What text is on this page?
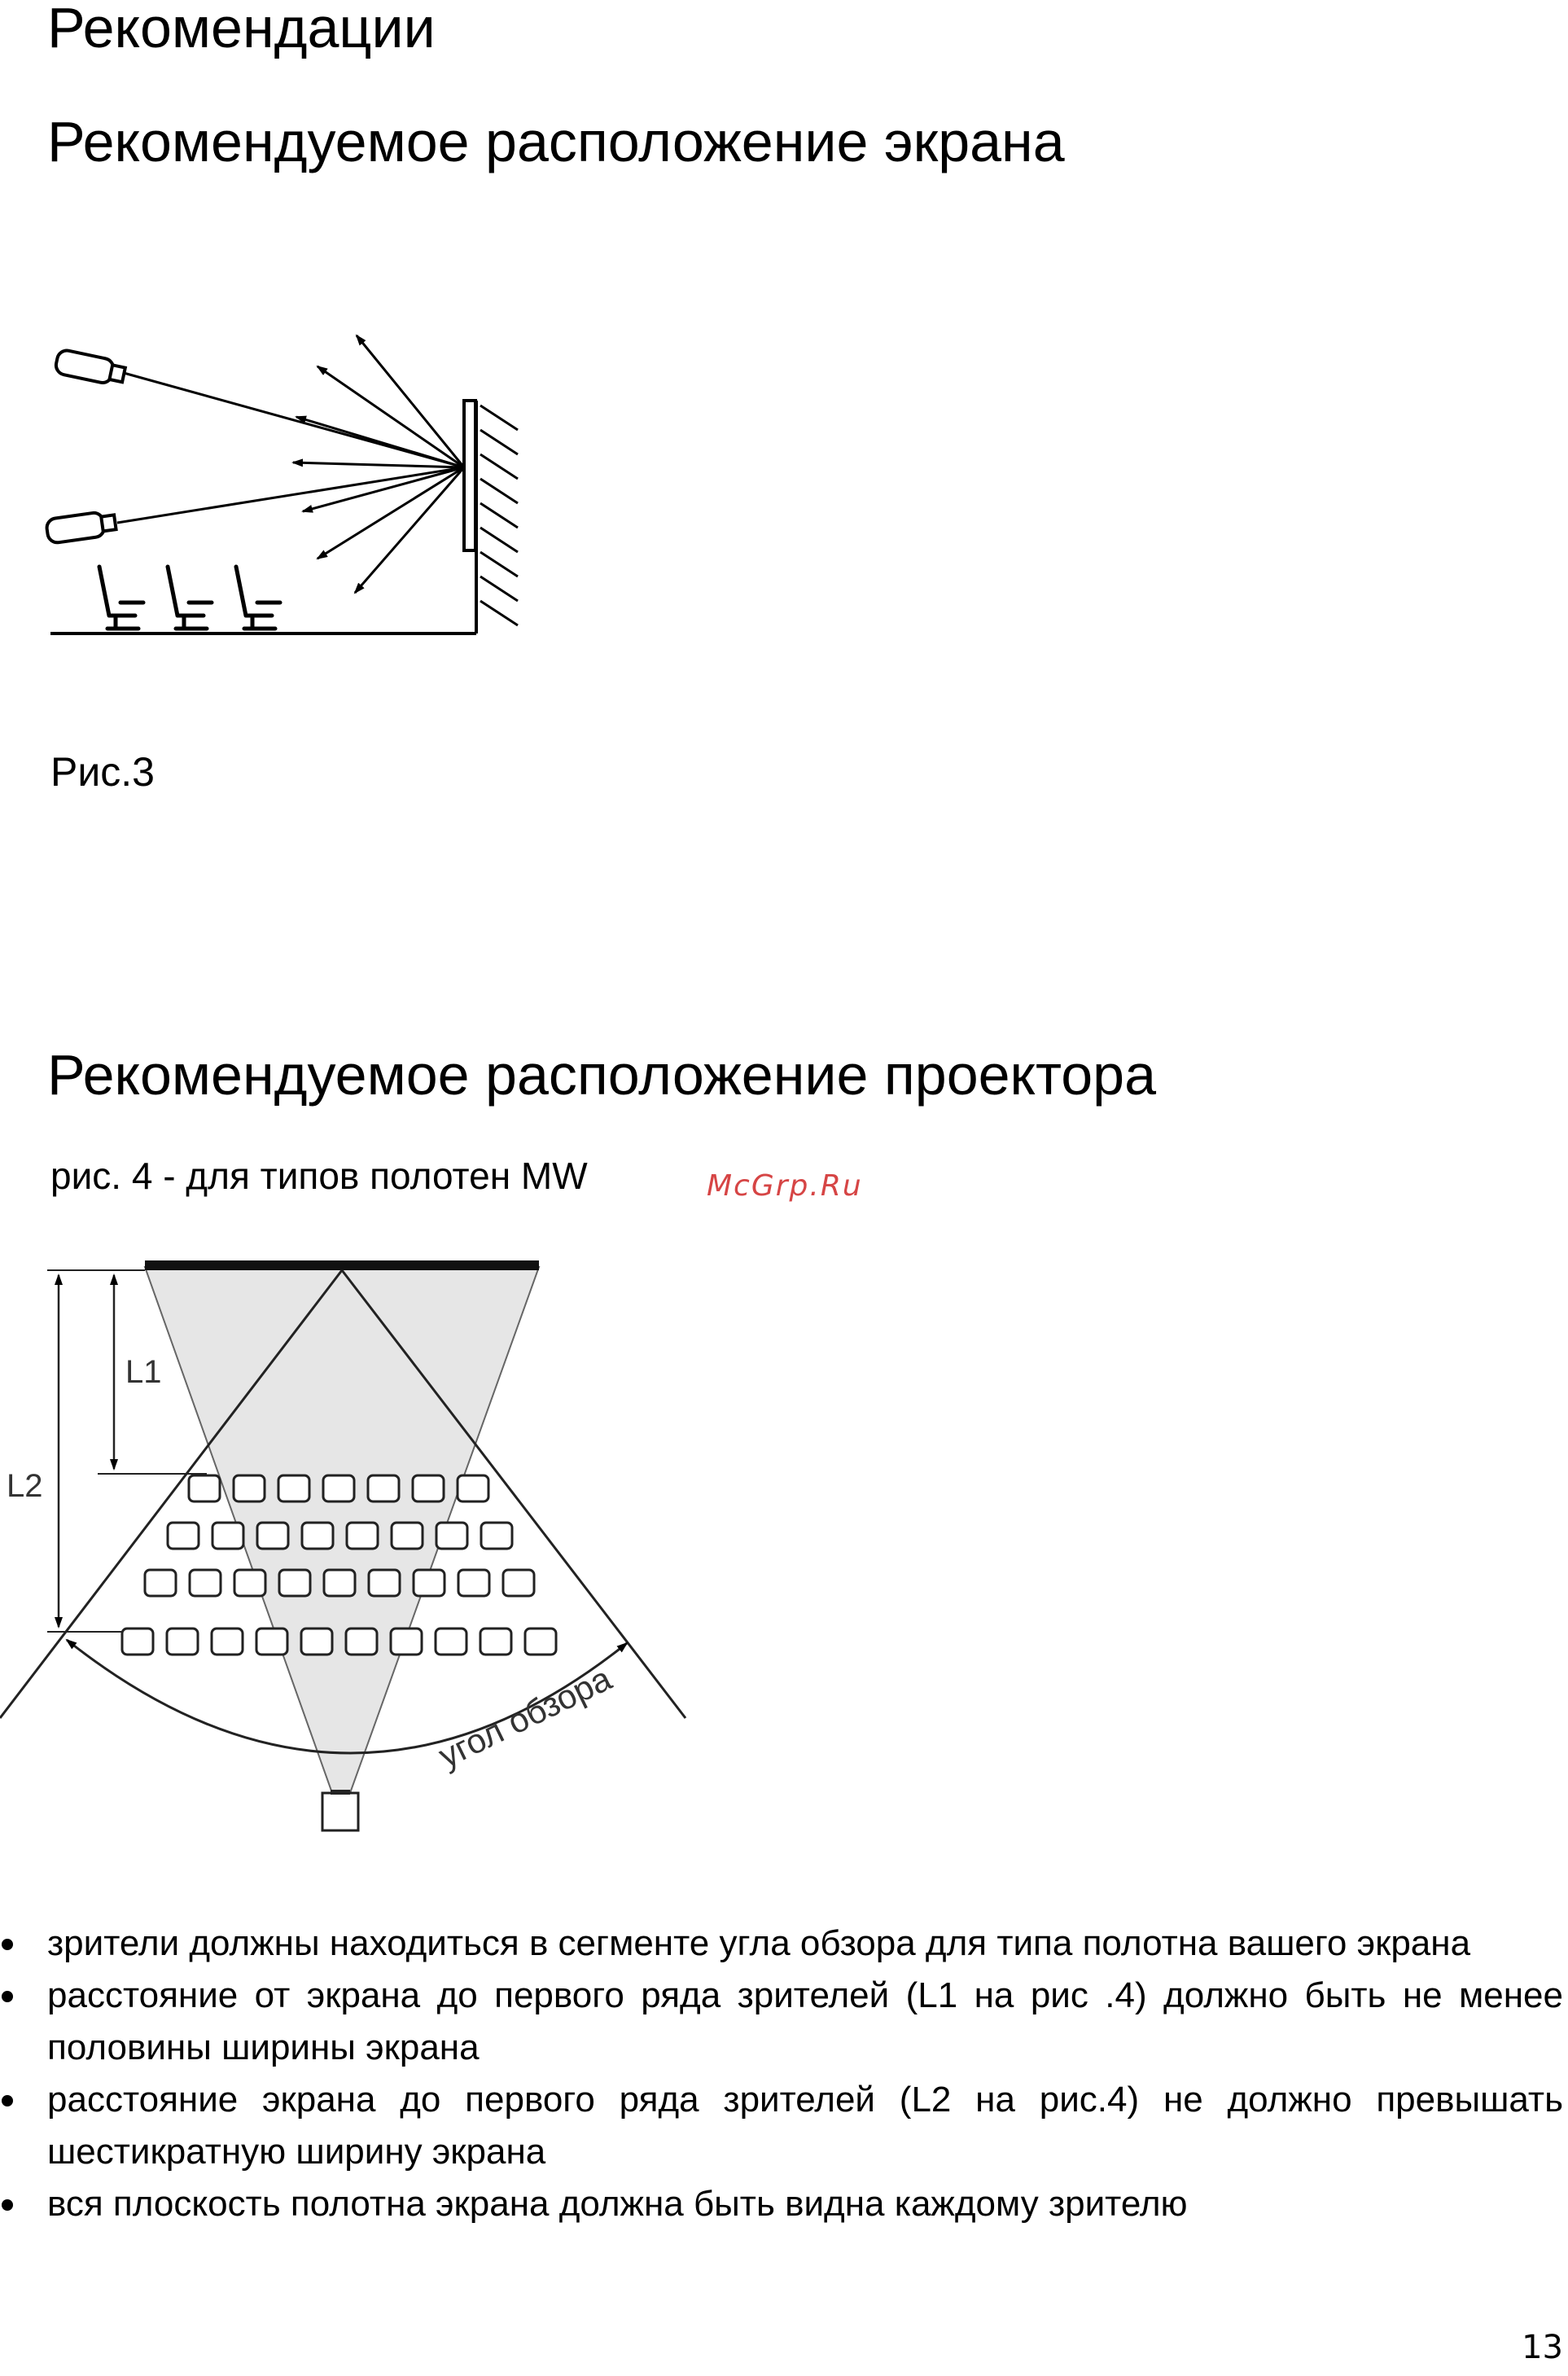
Рекомендации
Рекомендуемое расположение экрана
Рис.3
Рекомендуемое расположение проектора
рис. 4 - для типов полотен MW	McGrp.Ru
L1
L2
угол обзора
зрители должны находиться в сегменте угла обзора для типа полотна вашего экрана
расстояние от экрана до первого ряда зрителей (L1 на рис .4) должно быть не менее половины ширины экрана
расстояние экрана до первого ряда зрителей (L2 на рис.4) не должно превышать шестикратную ширину экрана
вся плоскость полотна экрана должна быть видна каждому зрителю
13
